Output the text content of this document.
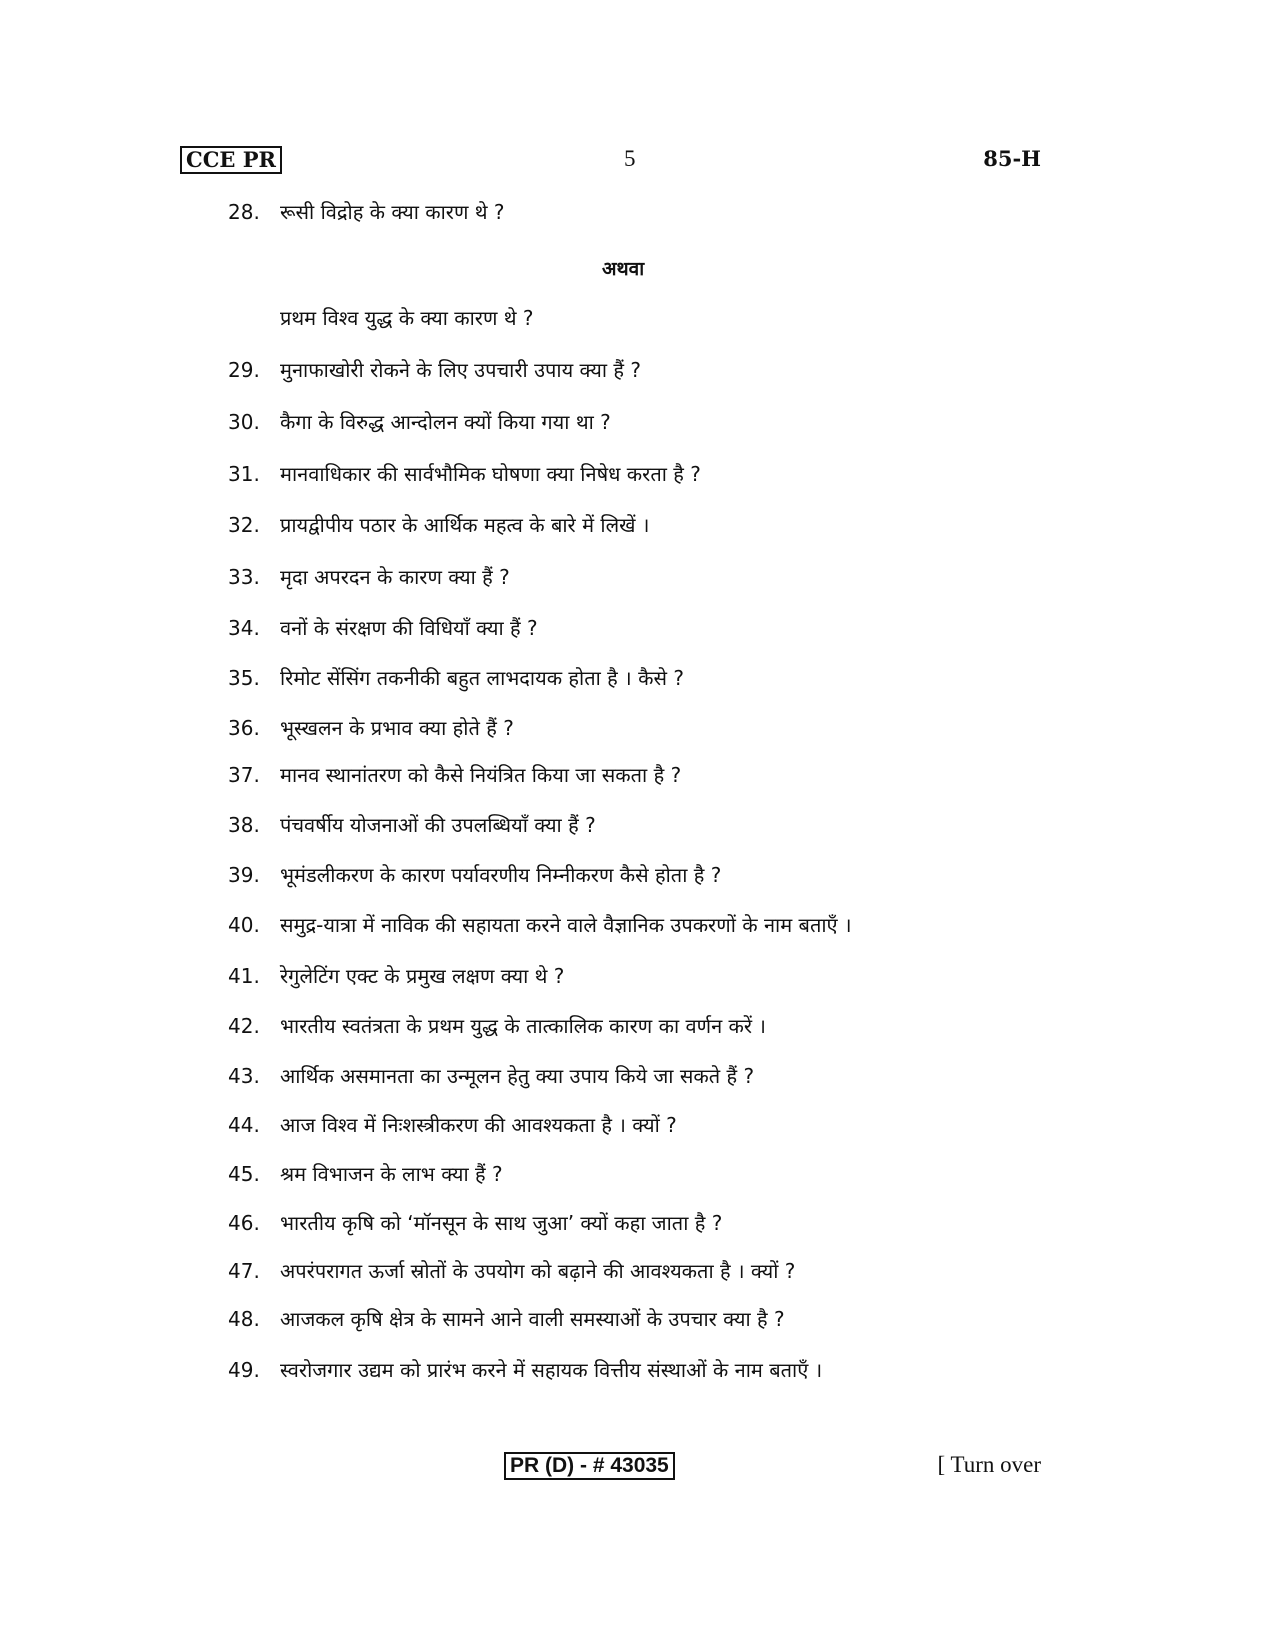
CCE PR	5	85-H
28. रूसी विद्रोह के क्या कारण थे ?
अथवा
प्रथम विश्व युद्ध के क्या कारण थे ?
29. मुनाफाखोरी रोकने के लिए उपचारी उपाय क्या हैं ?
30. कैगा के विरुद्ध आन्दोलन क्यों किया गया था ?
31. मानवाधिकार की सार्वभौमिक घोषणा क्या निषेध करता है ?
32. प्रायद्वीपीय पठार के आर्थिक महत्व के बारे में लिखें ।
33. मृदा अपरदन के कारण क्या हैं ?
34. वनों के संरक्षण की विधियाँ क्या हैं ?
35. रिमोट सेंसिंग तकनीकी बहुत लाभदायक होता है । कैसे ?
36. भूस्खलन के प्रभाव क्या होते हैं ?
37. मानव स्थानांतरण को कैसे नियंत्रित किया जा सकता है ?
38. पंचवर्षीय योजनाओं की उपलब्धियाँ क्या हैं ?
39. भूमंडलीकरण के कारण पर्यावरणीय निम्नीकरण कैसे होता है ?
40. समुद्र-यात्रा में नाविक की सहायता करने वाले वैज्ञानिक उपकरणों के नाम बताएँ ।
41. रेगुलेटिंग एक्ट के प्रमुख लक्षण क्या थे ?
42. भारतीय स्वतंत्रता के प्रथम युद्ध के तात्कालिक कारण का वर्णन करें ।
43. आर्थिक असमानता का उन्मूलन हेतु क्या उपाय किये जा सकते हैं ?
44. आज विश्व में निःशस्त्रीकरण की आवश्यकता है । क्यों ?
45. श्रम विभाजन के लाभ क्या हैं ?
46. भारतीय कृषि को ‘मॉनसून के साथ जुआ’ क्यों कहा जाता है ?
47. अपरंपरागत ऊर्जा स्रोतों के उपयोग को बढ़ाने की आवश्यकता है । क्यों ?
48. आजकल कृषि क्षेत्र के सामने आने वाली समस्याओं के उपचार क्या है ?
49. स्वरोजगार उद्यम को प्रारंभ करने में सहायक वित्तीय संस्थाओं के नाम बताएँ ।
PR (D) - # 43035	[ Turn over
